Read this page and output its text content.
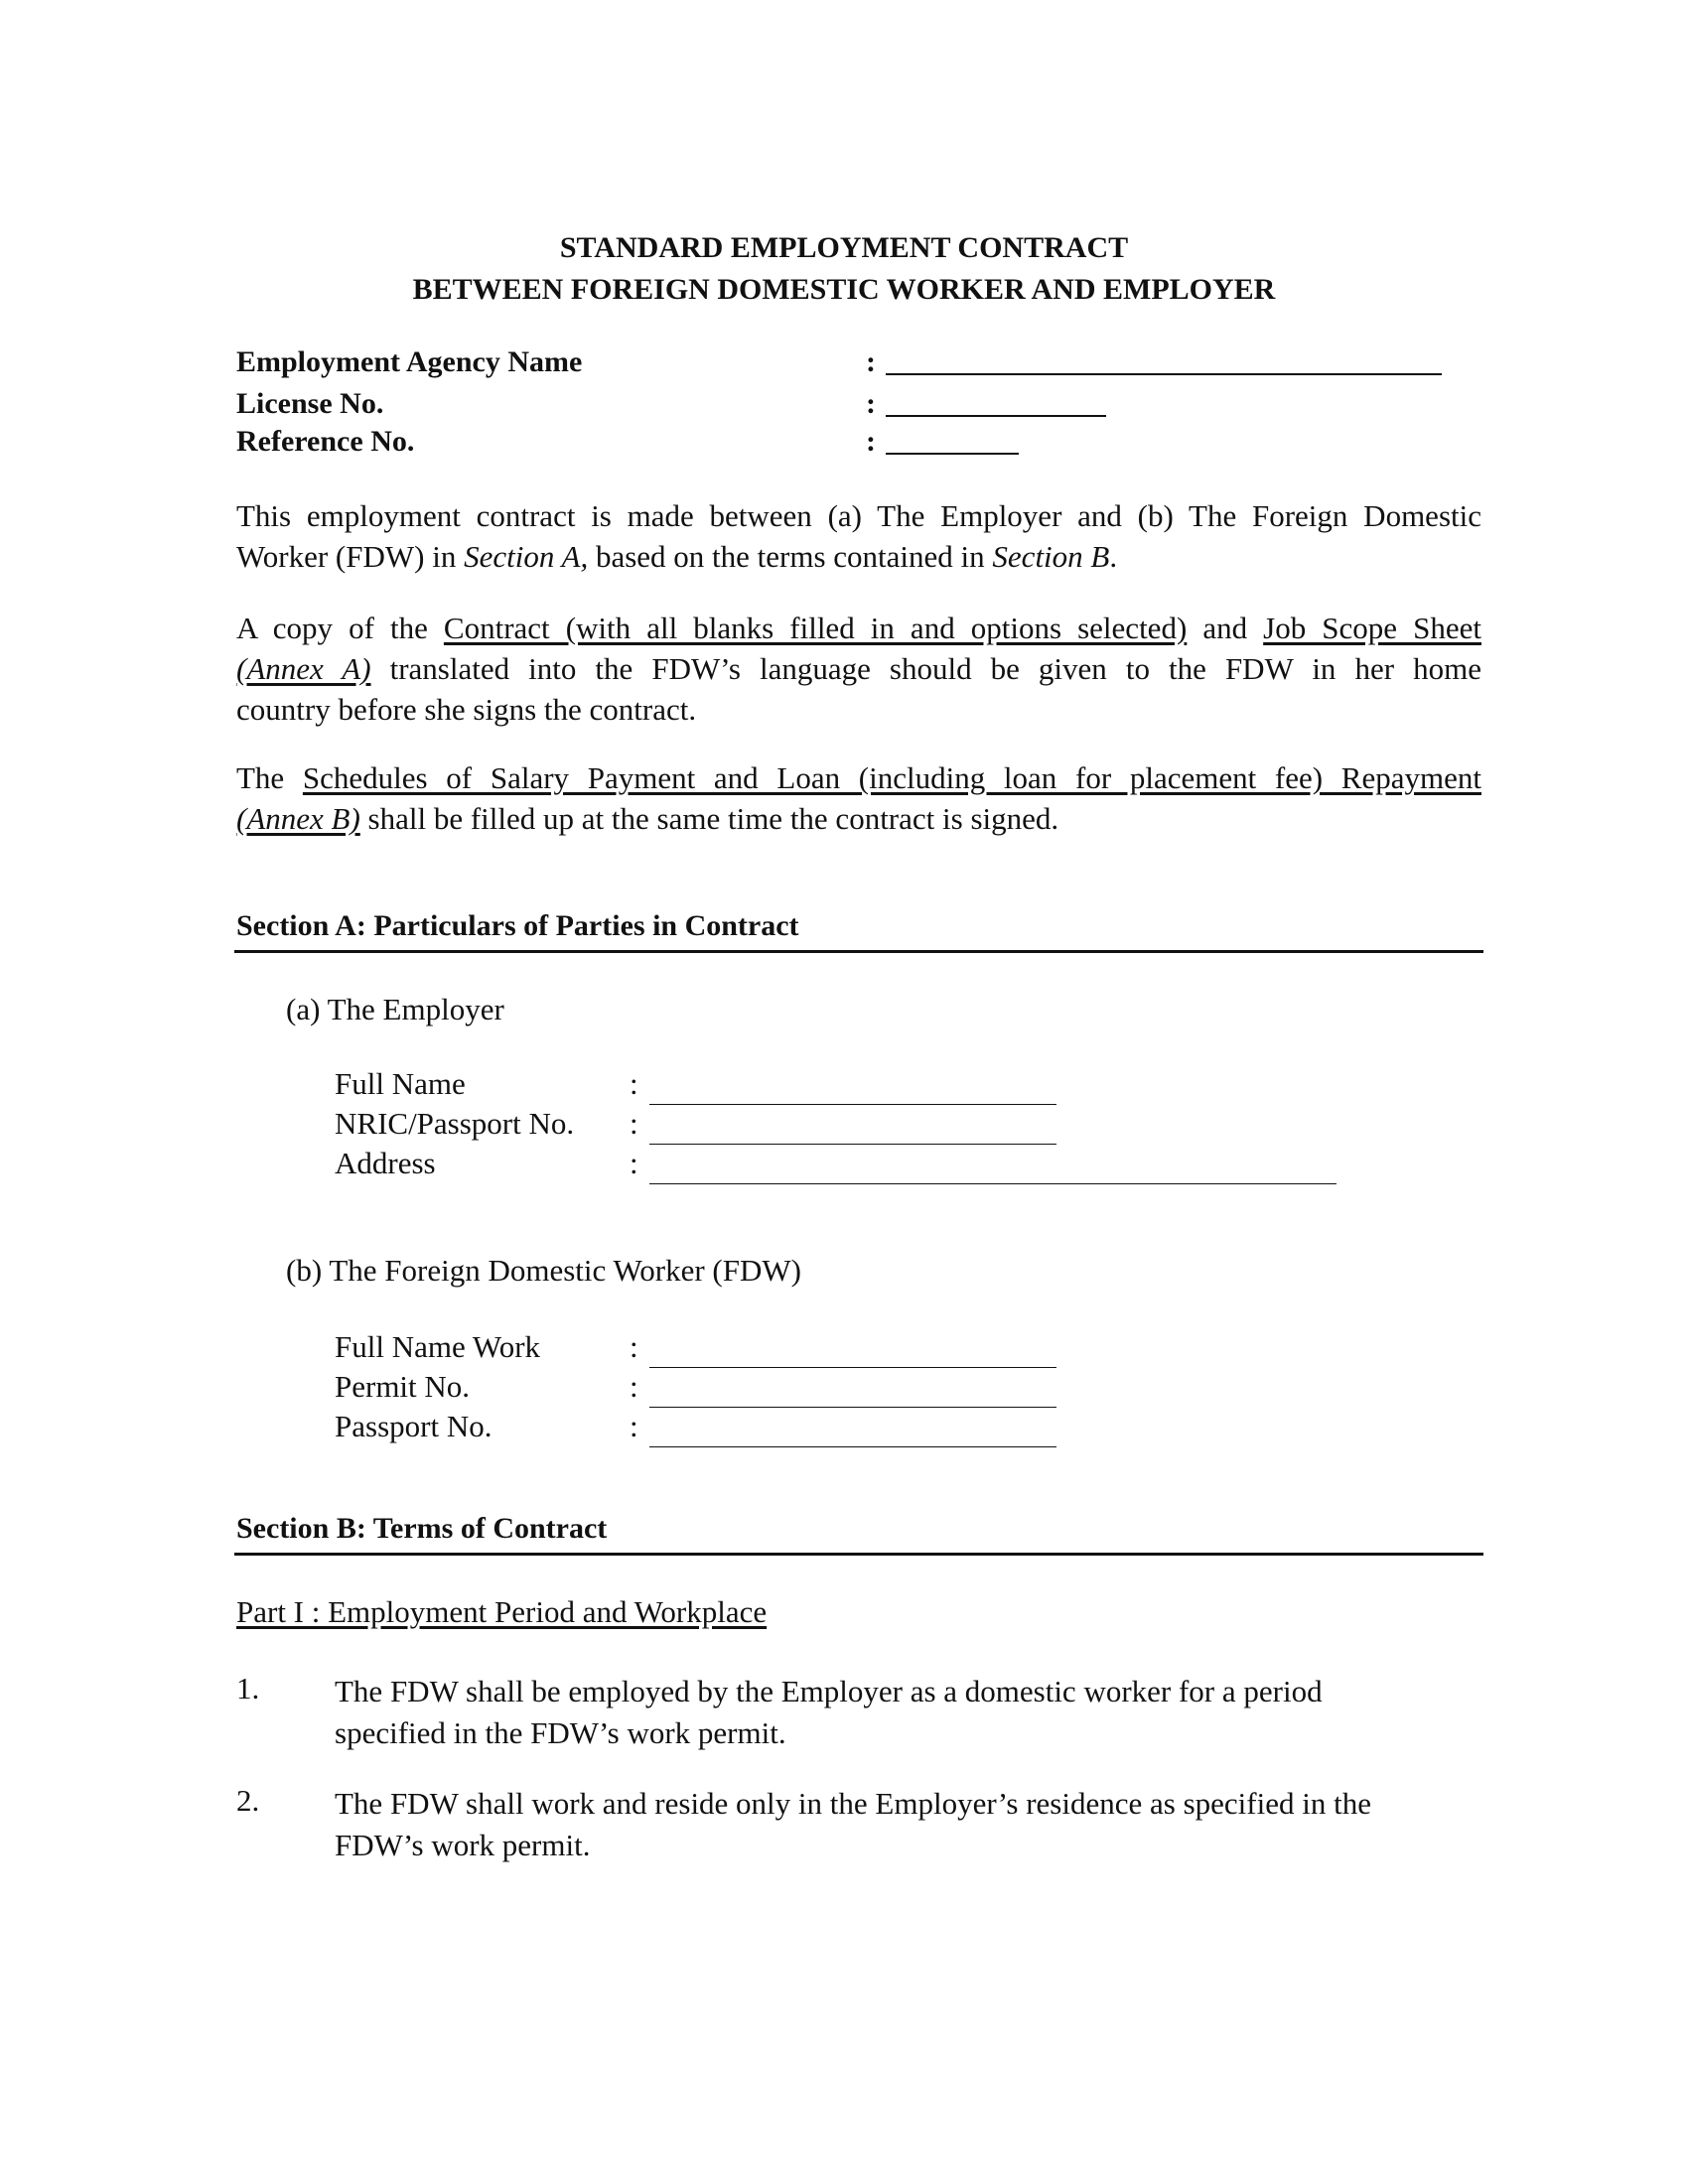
STANDARD EMPLOYMENT CONTRACT
BETWEEN FOREIGN DOMESTIC WORKER AND EMPLOYER
Employment Agency Name	:
License No.	:
Reference No.	:
This employment contract is made between (a) The Employer and (b) The Foreign Domestic
Worker (FDW) in Section A, based on the terms contained in Section B.
A copy of the Contract (with all blanks filled in and options selected) and Job Scope Sheet
(Annex A) translated into the FDW’s language should be given to the FDW in her home
country before she signs the contract.
The Schedules of Salary Payment and Loan (including loan for placement fee) Repayment
(Annex B) shall be filled up at the same time the contract is signed.
Section A: Particulars of Parties in Contract
(a) The Employer
Full Name	:
NRIC/Passport No. :
Address	:
(b) The Foreign Domestic Worker (FDW)
Full Name Work	:
Permit No.	:
Passport No.	:
Section B: Terms of Contract
Part I : Employment Period and Workplace
1. The FDW shall be employed by the Employer as a domestic worker for a period
specified in the FDW’s work permit.
2. The FDW shall work and reside only in the Employer’s residence as specified in the
FDW’s work permit.
